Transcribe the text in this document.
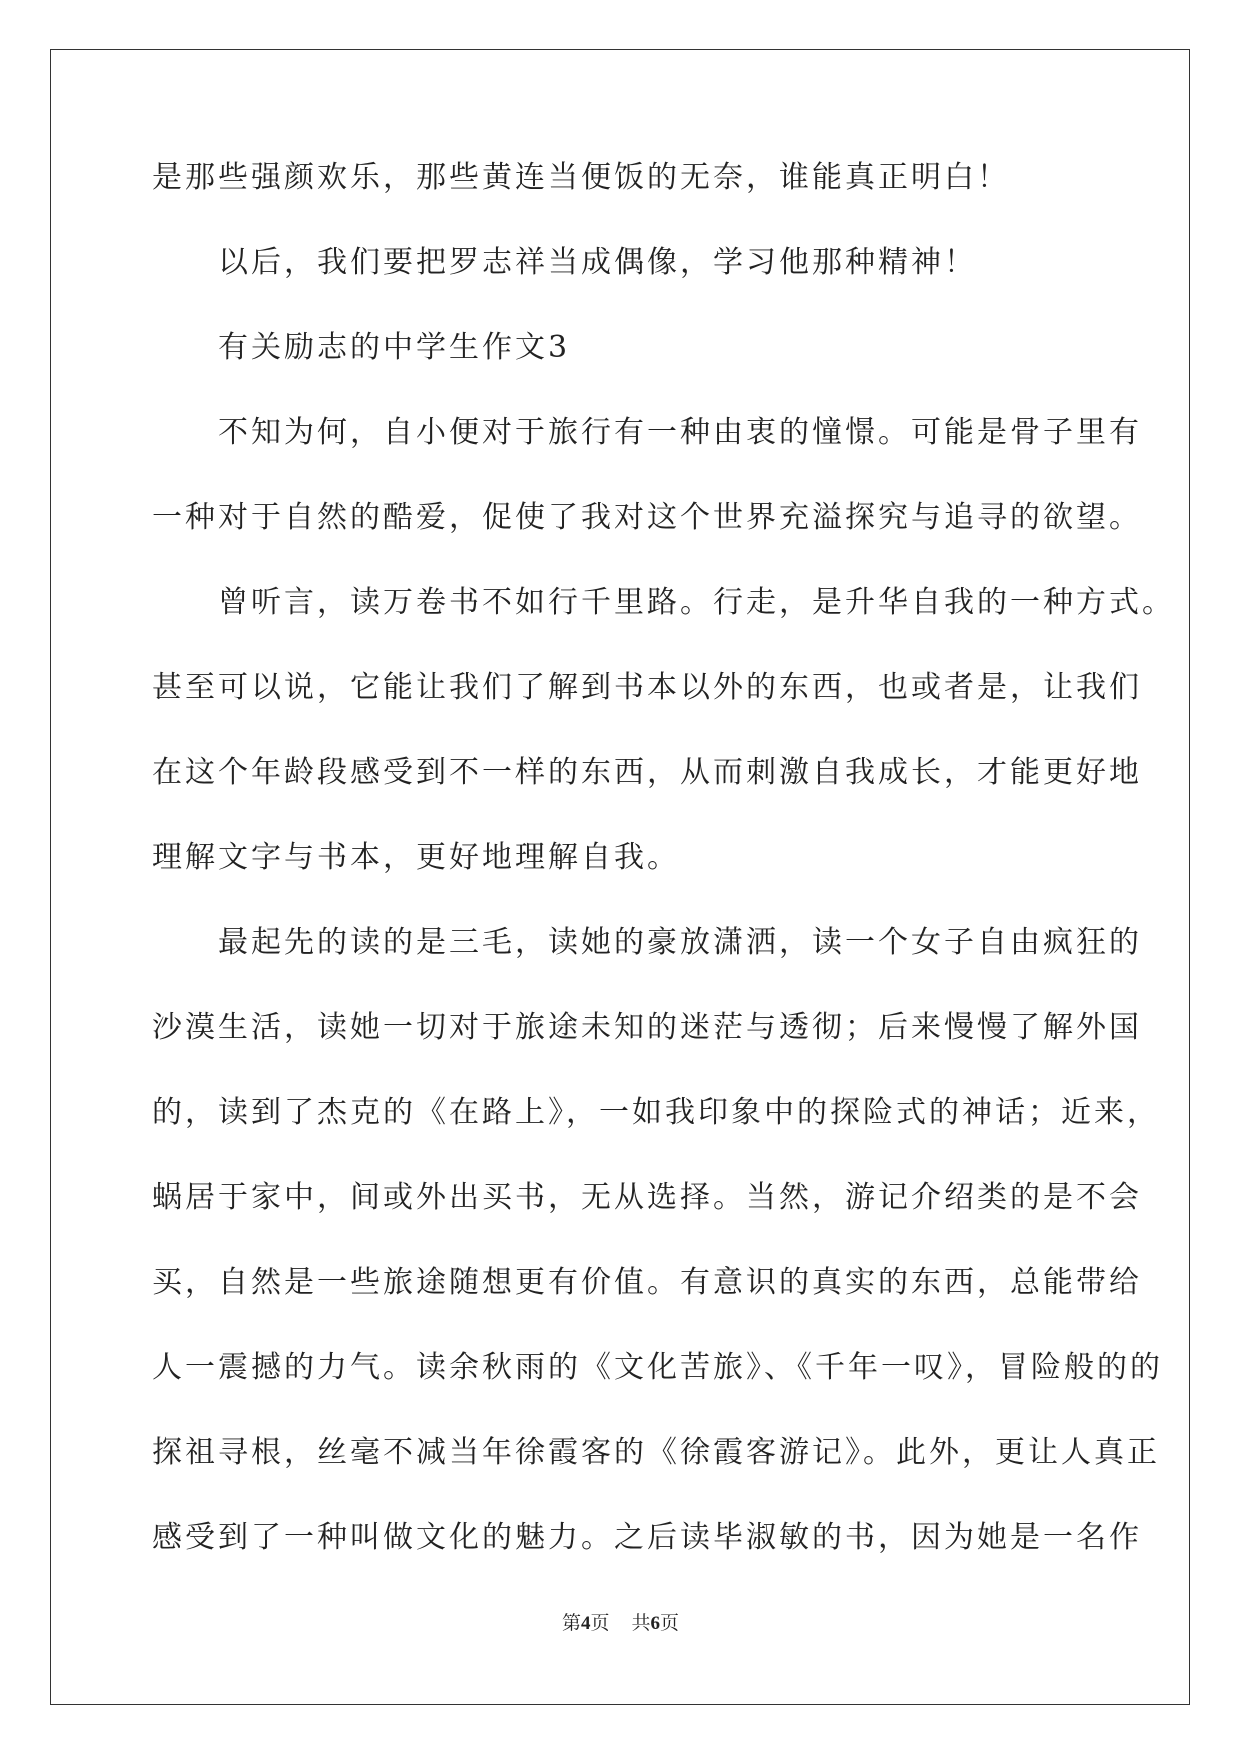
是那些强颜欢乐，那些黄连当便饭的无奈，谁能真正明白！

以后，我们要把罗志祥当成偶像，学习他那种精神！

有关励志的中学生作文3

不知为何，自小便对于旅行有一种由衷的憧憬。可能是骨子里有

一种对于自然的酷爱，促使了我对这个世界充溢探究与追寻的欲望。

曾听言，读万卷书不如行千里路。行走，是升华自我的一种方式。

甚至可以说，它能让我们了解到书本以外的东西，也或者是，让我们

在这个年龄段感受到不一样的东西，从而刺激自我成长，才能更好地

理解文字与书本，更好地理解自我。

最起先的读的是三毛，读她的豪放潇洒，读一个女子自由疯狂的

沙漠生活，读她一切对于旅途未知的迷茫与透彻；后来慢慢了解外国

的，读到了杰克的《在路上》，一如我印象中的探险式的神话；近来，

蜗居于家中，间或外出买书，无从选择。当然，游记介绍类的是不会

买，自然是一些旅途随想更有价值。有意识的真实的东西，总能带给

人一震撼的力气。读余秋雨的《文化苦旅》、《千年一叹》，冒险般的的

探祖寻根，丝毫不减当年徐霞客的《徐霞客游记》。此外，更让人真正

感受到了一种叫做文化的魅力。之后读毕淑敏的书，因为她是一名作

第4页 共6页
